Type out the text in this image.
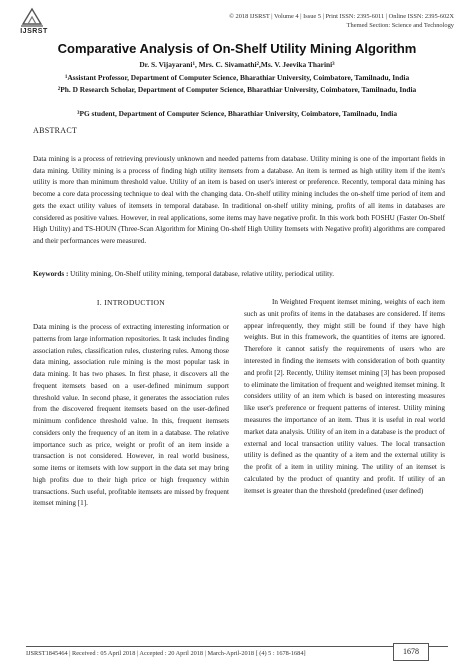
IJSRST
© 2018 IJSRST | Volume 4 | Issue 5 | Print ISSN: 2395-6011 | Online ISSN: 2395-602X
Themed Section: Science and Technology
Comparative Analysis of On-Shelf Utility Mining Algorithm
Dr. S. Vijayarani$^1$, Mrs. C. Sivamathi$^2$,Ms. V. Jeevika Tharini$^3$
$^1$Assistant Professor, Department of Computer Science, Bharathiar University, Coimbatore, Tamilnadu, India
$^2$Ph. D Research Scholar, Department of Computer Science, Bharathiar University, Coimbatore, Tamilnadu, India
$^3$PG student, Department of Computer Science, Bharathiar University, Coimbatore, Tamilnadu, India
ABSTRACT
Data mining is a process of retrieving previously unknown and needed patterns from database. Utility mining is one of the important fields in data mining. Utility mining is a process of finding high utility itemsets from a database. An item is termed as high utility item if the item's utility is more than minimum threshold value. Utility of an item is based on user's interest or preference. Recently, temporal data mining has become a core data processing technique to deal with the changing data. On-shelf utility mining includes the on-shelf time period of item and gets the exact utility values of itemsets in temporal database. In traditional on-shelf utility mining, profits of all items in databases are considered as positive values. However, in real applications, some items may have negative profit. In this work both FOSHU (Faster On-Shelf High Utility) and TS-HOUN (Three-Scan Algorithm for Mining On-shelf High Utility Itemsets with Negative profit) algorithms are compared and their performances were measured.
Keywords : Utility mining, On-Shelf utility mining, temporal database, relative utility, periodical utility.
I. INTRODUCTION

Data mining is the process of extracting interesting information or patterns from large information repositories. It task includes finding association rules, classification rules, clustering rules. Among those data mining, association rule mining is the most popular task in data mining. It has two phases. In first phase, it discovers all the frequent itemsets based on a user-defined minimum support threshold value. In second phase, it generates the association rules from the discovered frequent itemsets based on the user-defined minimum confidence threshold value. In this, frequent itemsets considers only the frequency of an item in a database. The relative importance such as price, weight or profit of an item inside a transaction is not considered. However, in real world business, some items or itemsets with low support in the data set may bring high profits due to their high price or high frequency within transactions. Such useful, profitable itemsets are missed by frequent itemset mining [1].

In Weighted Frequent itemset mining, weights of each item such as unit profits of items in the databases are considered. If items appear infrequently, they might still be found if they have high weights. But in this framework, the quantities of items are ignored. Therefore it cannot satisfy the requirements of users who are interested in finding the itemsets with consideration of both quantity and profit [2]. Recently, Utility itemset mining [3] has been proposed to eliminate the limitation of frequent and weighted itemset mining. It considers utility of an item which is based on interesting measures like user's preference or frequent patterns of interest. Utility mining measures the importance of an item. Thus it is useful in real world market data analysis. Utility of an item in a database is the product of external and local transaction utility values. The local transaction utility is defined as the quantity of a item and the external utility is the profit of a item in utility mining. The utility of an itemset is calculated by the product of quantity and profit. If utility of an itemset is greater than the threshold (predefined (user defined)

IJSRST1845464 | Received : 05 April 2018 | Accepted : 20 April 2018 | March-April-2018 [ (4) 5 : 1678-1684]	1678
